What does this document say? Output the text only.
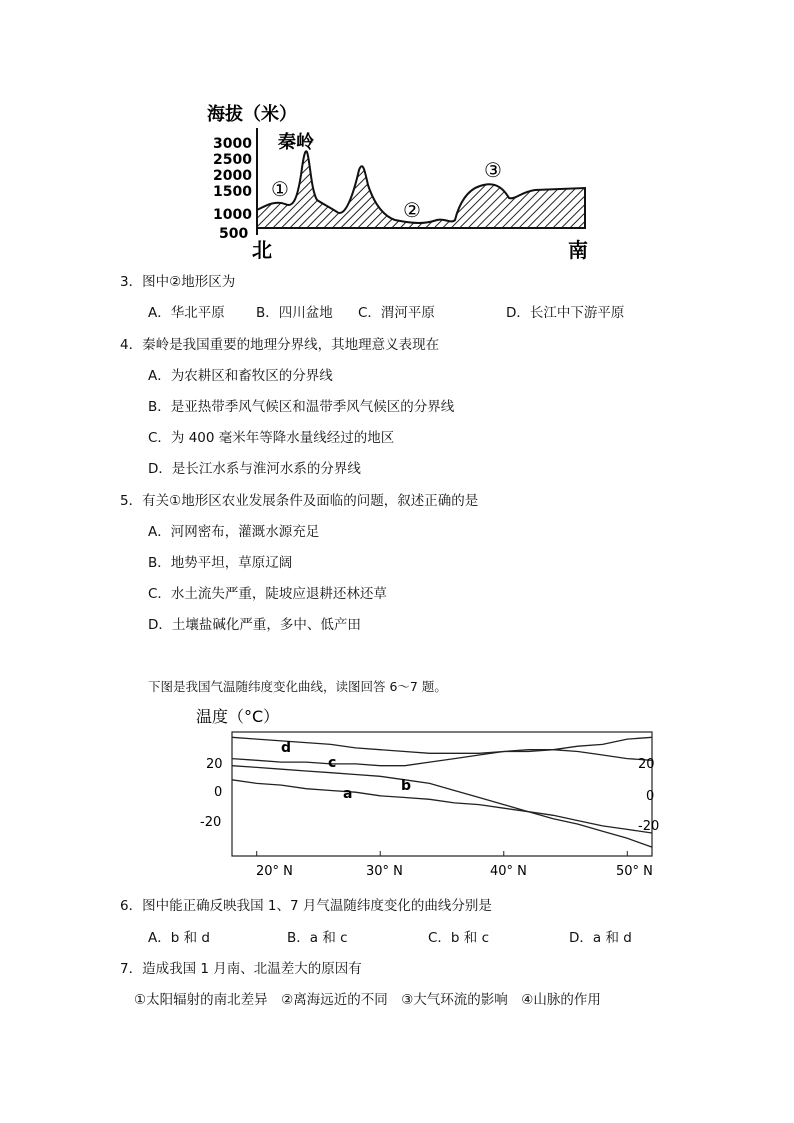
海拔（米）
3000
2500
2000
1500
1000
500
秦岭
①
②
③
北	南
3．图中②地形区为
A．华北平原 B．四川盆地 C．渭河平原	D．长江中下游平原
4．秦岭是我国重要的地理分界线，其地理意义表现在
A．为农耕区和畜牧区的分界线
B．是亚热带季风气候区和温带季风气候区的分界线
C．为 400 毫米年等降水量线经过的地区
D．是长江水系与淮河水系的分界线
5．有关①地形区农业发展条件及面临的问题，叙述正确的是
A．河网密布，灌溉水源充足
B．地势平坦，草原辽阔
C．水土流失严重，陡坡应退耕还林还草
D．土壤盐碱化严重，多中、低产田
下图是我国气温随纬度变化曲线，读图回答 6～7 题。
温度（°C）
20
0
-20
20
0
-20
20° N	30° N	40° N	50° N
d
c
b
a
6．图中能正确反映我国 1、7 月气温随纬度变化的曲线分别是
A．b 和 d	B．a 和 c	C．b 和 c	D．a 和 d
7．造成我国 1 月南、北温差大的原因有
①太阳辐射的南北差异　②离海远近的不同　③大气环流的影响　④山脉的作用
